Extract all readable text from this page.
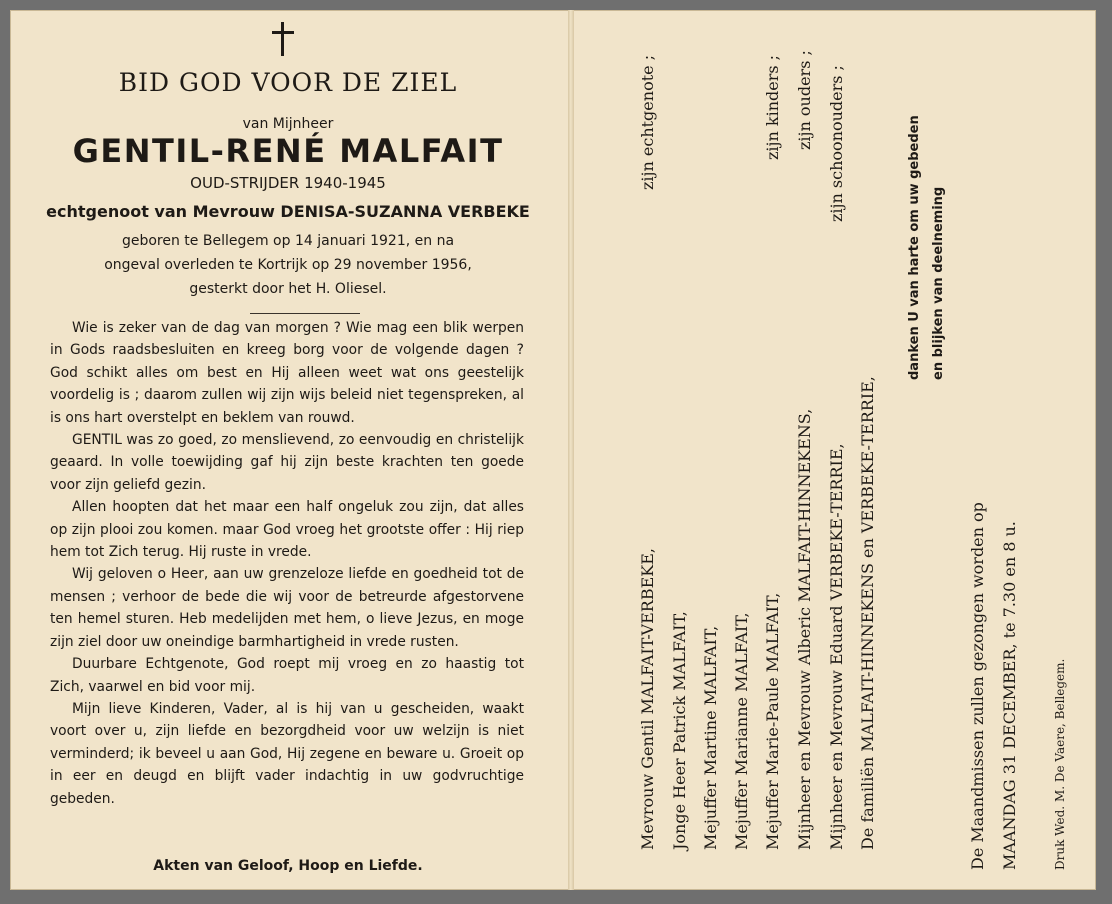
BID GOD VOOR DE ZIEL
van Mijnheer
GENTIL-RENÉ MALFAIT
OUD-STRIJDER 1940-1945
echtgenoot van Mevrouw DENISA-SUZANNA VERBEKE
geboren te Bellegem op 14 januari 1921, en na
ongeval overleden te Kortrijk op 29 november 1956,
gesterkt door het H. Oliesel.

Wie is zeker van de dag van morgen ? Wie mag een blik werpen in Gods raadsbesluiten en kreeg borg voor de volgende dagen ? God schikt alles om best en Hij alleen weet wat ons geestelijk voordelig is ; daarom zullen wij zijn wijs beleid niet tegenspreken, al is ons hart overstelpt en beklem van rouwd.

GENTIL was zo goed, zo menslievend, zo eenvoudig en christelijk geaard. In volle toewijding gaf hij zijn beste krachten ten goede voor zijn geliefd gezin.

Allen hoopten dat het maar een half ongeluk zou zijn, dat alles op zijn plooi zou komen. maar God vroeg het grootste offer : Hij riep hem tot Zich terug. Hij ruste in vrede.

Wij geloven o Heer, aan uw grenzeloze liefde en goedheid tot de mensen ; verhoor de bede die wij voor de betreurde afgestorvene ten hemel sturen. Heb medelijden met hem, o lieve Jezus, en moge zijn ziel door uw oneindige barmhartigheid in vrede rusten.

Duurbare Echtgenote, God roept mij vroeg en zo haastig tot Zich, vaarwel en bid voor mij.

Mijn lieve Kinderen, Vader, al is hij van u gescheiden, waakt voort over u, zijn liefde en bezorgdheid voor uw welzijn is niet verminderd; ik beveel u aan God, Hij zegene en beware u. Groeit op in eer en deugd en blijft vader indachtig in uw godvruchtige gebeden.

Akten van Geloof, Hoop en Liefde.
Mevrouw Gentil MALFAIT-VERBEKE, Jonge Heer Patrick MALFAIT, Mejuffer Martine MALFAIT, Mejuffer Marianne MALFAIT, Mejuffer Marie-Paule MALFAIT, Mijnheer en Mevrouw Alberic MALFAIT-HINNEKENS, Mijnheer en Mevrouw Eduard VERBEKE-TERRIE, De familiën MALFAIT-HINNEKENS en VERBEKE-TERRIE,
zijn echtgenote ;	zijn kinders ; zijn ouders ; zijn schoonouders ;	danken U van harte om uw gebeden en blijken van deelneming
De Maandmissen zullen gezongen worden op MAANDAG 31 DECEMBER, te 7.30 en 8 u.	Druk Wed. M. De Vaere, Bellegem.
